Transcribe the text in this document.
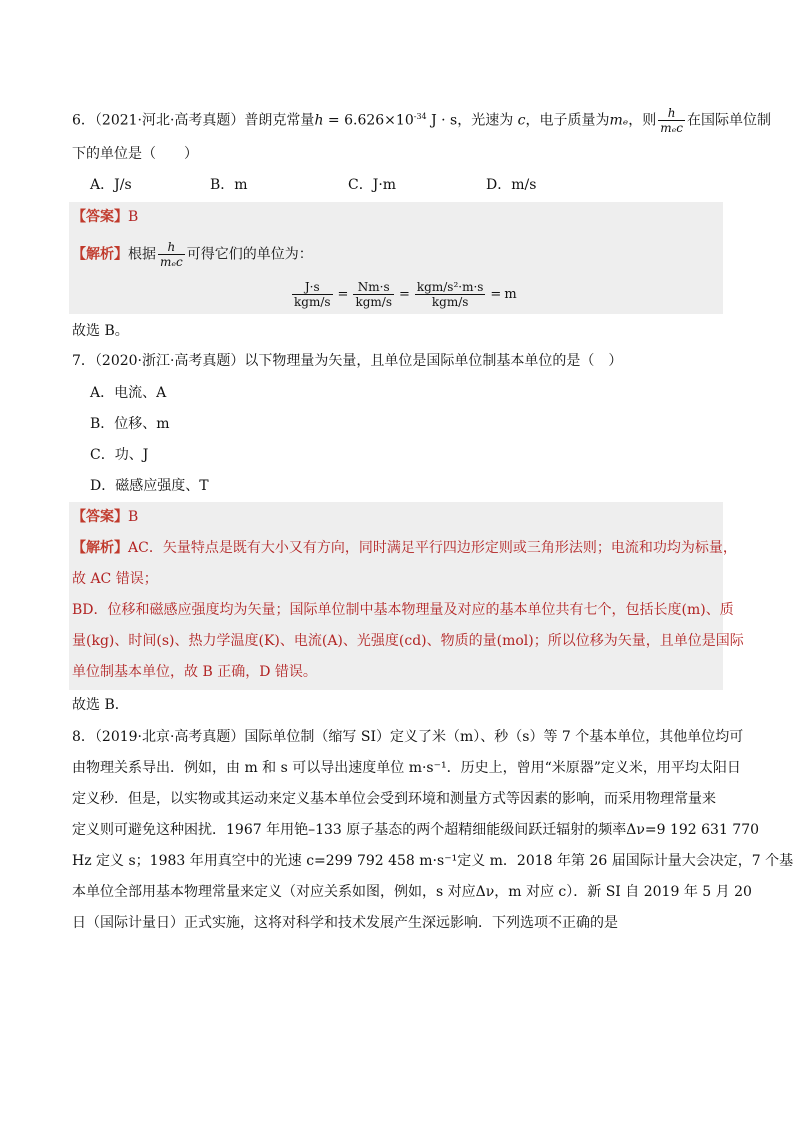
6．（2021·河北·高考真题）普朗克常量$h = 6.626\times 10^{-34}$ J · s，光速为 c，电子质量为mₑ，则 $\frac{h}{\text{mₑc}}$ 在国际单位制
下的单位是（　　）
A．J/s	B．m	C．J·m	D．m/s
【答案】B
【解析】根据 $\frac{h}{\text{mₑc}}$ 可得它们的单位为：
$\frac{J\cdot s}{\text{kgm/s}} = \frac{Nm\cdot s}{\text{kgm/s}} = \frac{\text{kgm/s²·m·s}}{\text{kgm/s}} = m$
故选 B。
7．（2020·浙江·高考真题）以下物理量为矢量，且单位是国际单位制基本单位的是（　）
A．电流、A
B．位移、m
C．功、J
D．磁感应强度、T
【答案】B
【解析】AC．矢量特点是既有大小又有方向，同时满足平行四边形定则或三角形法则；电流和功均为标量，
故 AC 错误；
BD．位移和磁感应强度均为矢量；国际单位制中基本物理量及对应的基本单位共有七个，包括长度(m)、质
量(kg)、时间(s)、热力学温度(K)、电流(A)、光强度(cd)、物质的量(mol)；所以位移为矢量，且单位是国际
单位制基本单位，故 B 正确，D 错误。
故选 B．
8．（2019·北京·高考真题）国际单位制（缩写 SI）定义了米（m）、秒（s）等 7 个基本单位，其他单位均可
由物理关系导出．例如，由 m 和 s 可以导出速度单位 m·s⁻¹．历史上，曾用“米原器”定义米，用平均太阳日
定义秒．但是，以实物或其运动来定义基本单位会受到环境和测量方式等因素的影响，而采用物理常量来
定义则可避免这种困扰．1967 年用铯–133 原子基态的两个超精细能级间跃迁辐射的频率Δν=9 192 631 770
Hz 定义 s；1983 年用真空中的光速 c=299 792 458 m·s⁻¹定义 m．2018 年第 26 届国际计量大会决定，7 个基
本单位全部用基本物理常量来定义（对应关系如图，例如，s 对应Δν，m 对应 c）．新 SI 自 2019 年 5 月 20
日（国际计量日）正式实施，这将对科学和技术发展产生深远影响．下列选项不正确的是
